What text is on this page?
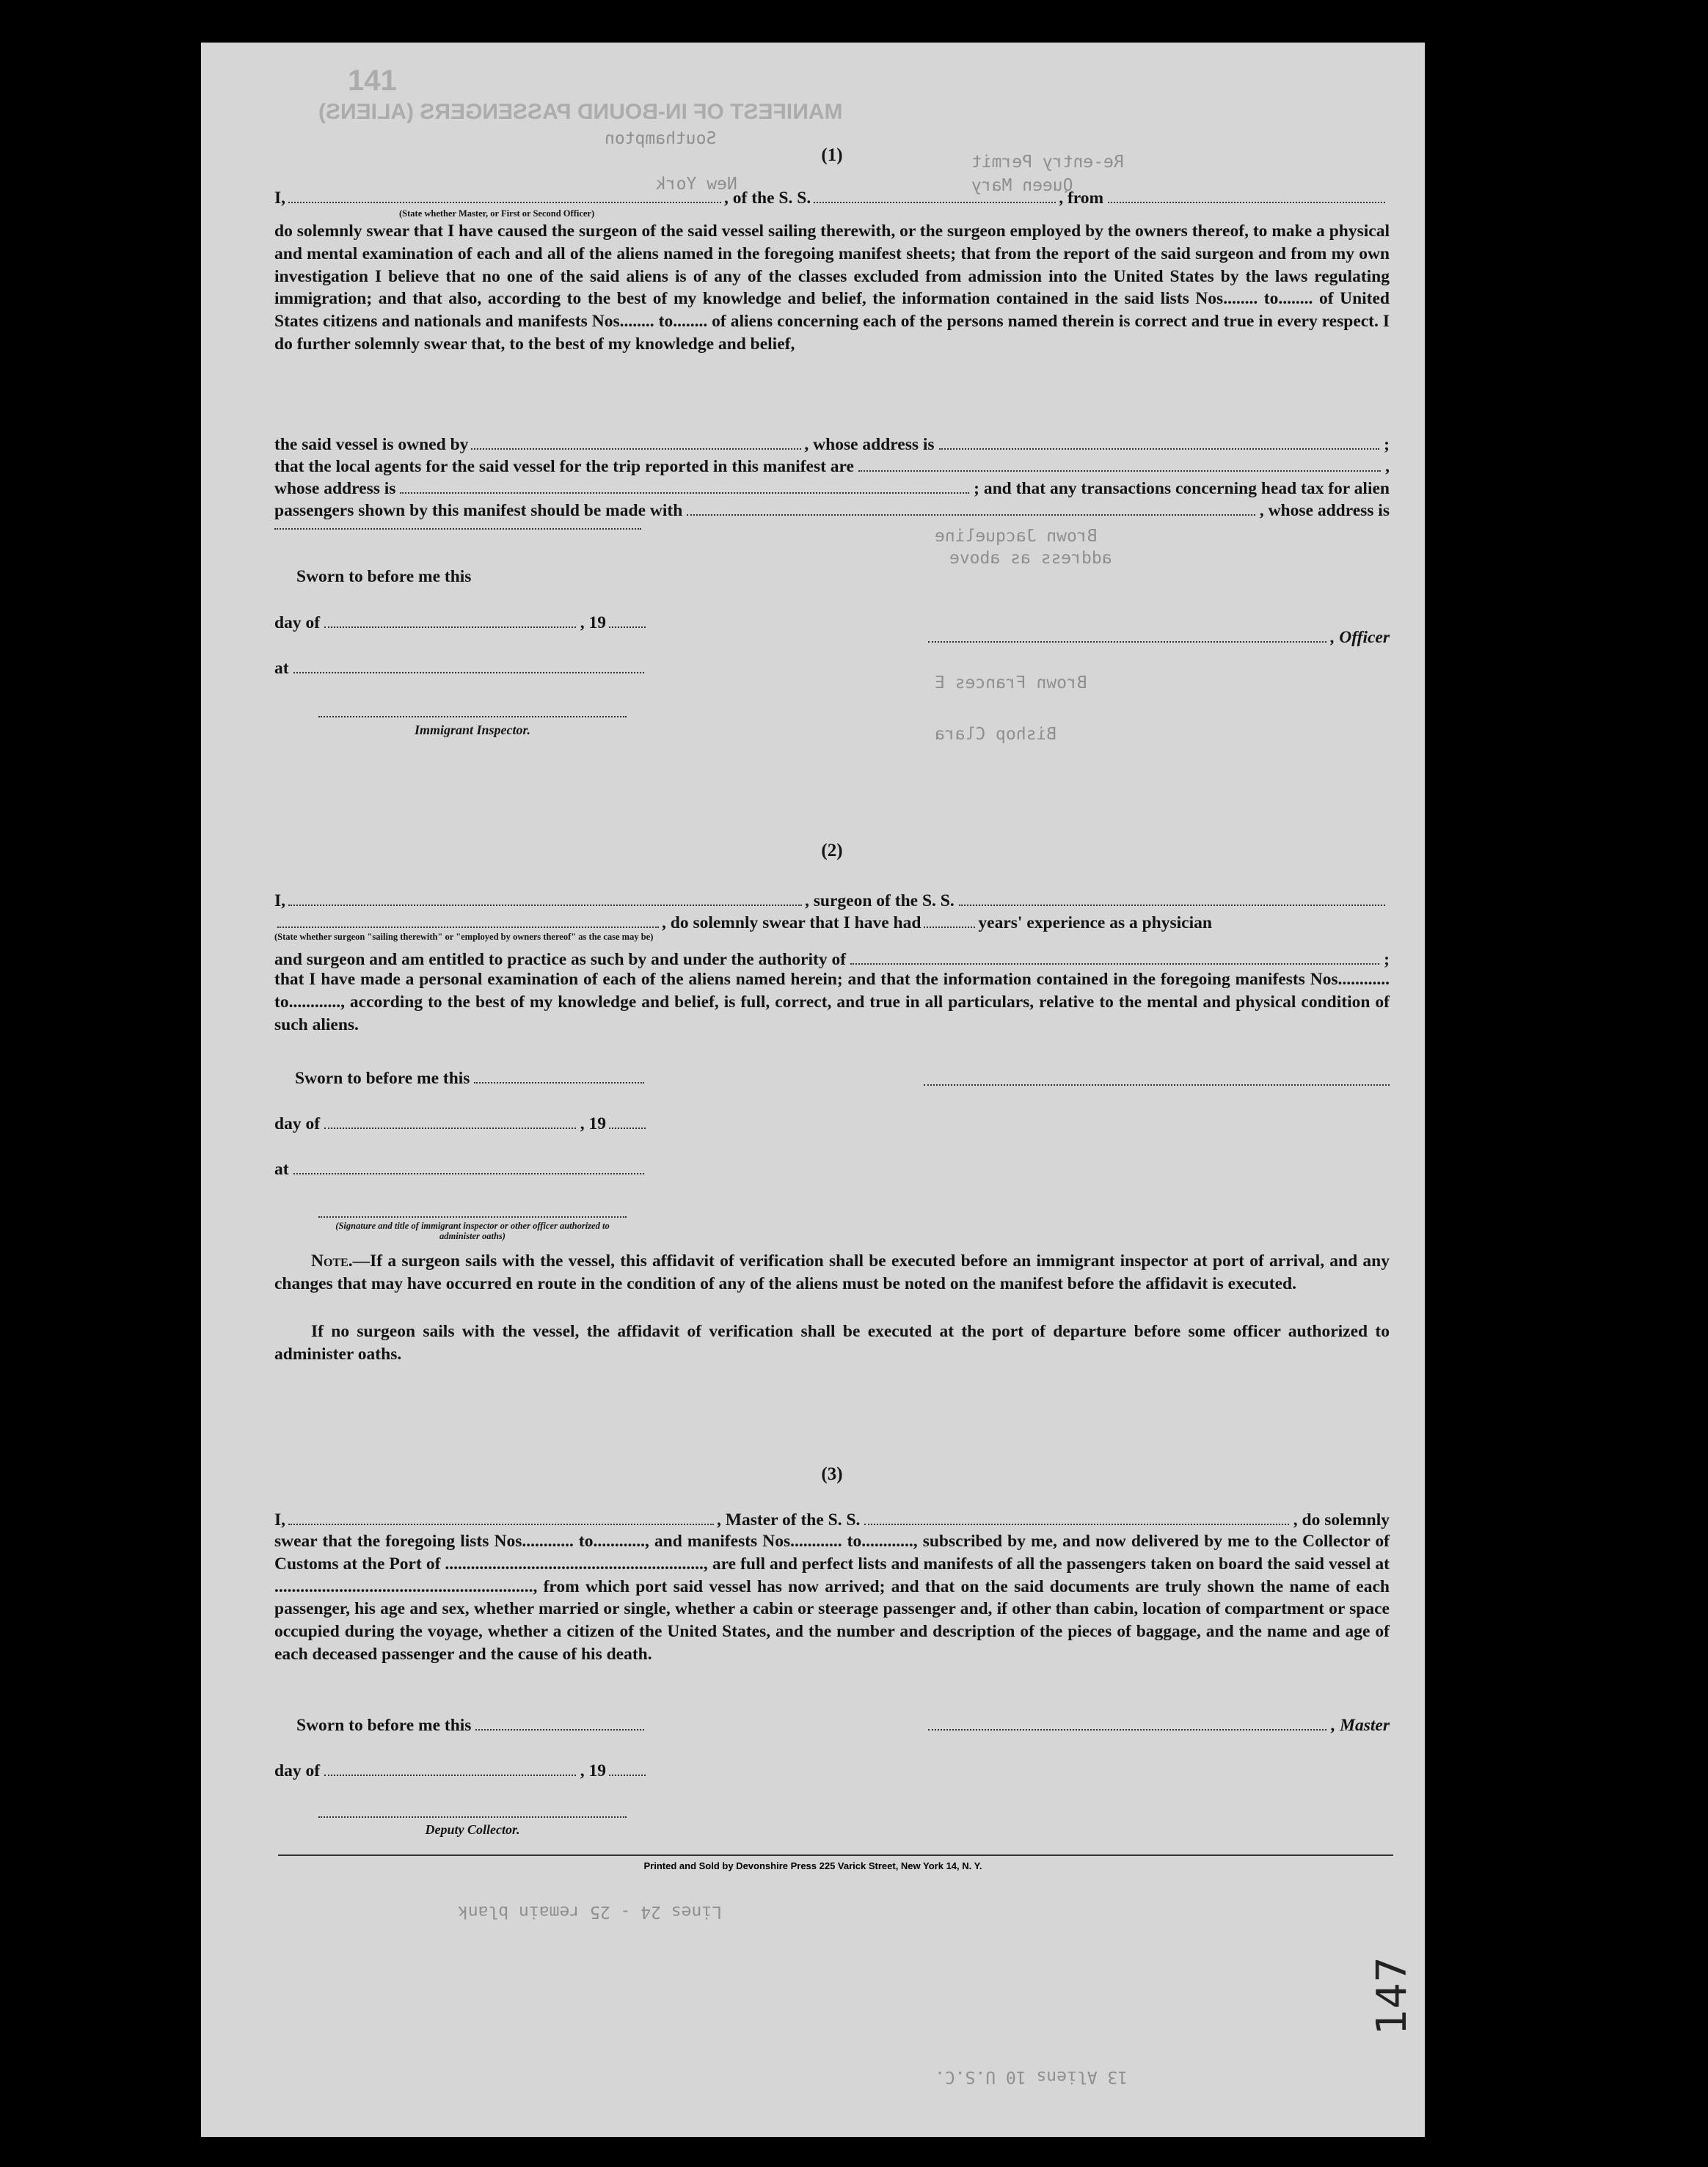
MANIFEST OF IN-BOUND PASSENGERS (ALIENS)
141
Re-entry Permit
Queen Mary
Southampton
New York
Brown Jacqueline
address as above
Brown Frances E
Bishop Clara
Lines 24 - 25 remain blank
13 Aliens 10 U.S.C.
(1)
I,	, of the S. S.	, from
(State whether Master, or First or Second Officer)

do solemnly swear that I have caused the surgeon of the said vessel sailing therewith, or the surgeon employed by the owners thereof, to make a physical and mental examination of each and all of the aliens named in the foregoing manifest sheets; that from the report of the said surgeon and from my own investigation I believe that no one of the said aliens is of any of the classes excluded from admission into the United States by the laws regulating immigration; and that also, according to the best of my knowledge and belief, the information contained in the said lists Nos........ to........ of United States citizens and nationals and manifests Nos........ to........ of aliens concerning each of the persons named therein is correct and true in every respect. I do further solemnly swear that, to the best of my knowledge and belief,

the said vessel is owned by	, whose address is	;
that the local agents for the said vessel for the trip reported in this manifest are	,
whose address is	; and that any transactions concerning head tax for alien
passengers shown by this manifest should be made with	, whose address is
Sworn to before me this
day of	, 19
, Officer
at
Immigrant Inspector.
(2)
I,	, surgeon of the S. S.
, do solemnly swear that I have had	years' experience as a physician
(State whether surgeon "sailing therewith" or "employed by owners thereof" as the case may be)
and surgeon and am entitled to practice as such by and under the authority of	;

that I have made a personal examination of each of the aliens named herein; and that the information contained in the foregoing manifests Nos............ to............, according to the best of my knowledge and belief, is full, correct, and true in all particulars, relative to the mental and physical condition of such aliens.

Sworn to before me this
day of	, 19
at
(Signature and title of immigrant inspector or other officer authorized to administer oaths)

Note.—If a surgeon sails with the vessel, this affidavit of verification shall be executed before an immigrant inspector at port of arrival, and any changes that may have occurred en route in the condition of any of the aliens must be noted on the manifest before the affidavit is executed.

If no surgeon sails with the vessel, the affidavit of verification shall be executed at the port of departure before some officer authorized to administer oaths.

(3)
I,	, Master of the S. S.	, do solemnly

swear that the foregoing lists Nos............ to............, and manifests Nos............ to............, subscribed by me, and now delivered by me to the Collector of Customs at the Port of ............................................................, are full and perfect lists and manifests of all the passengers taken on board the said vessel at ............................................................, from which port said vessel has now arrived; and that on the said documents are truly shown the name of each passenger, his age and sex, whether married or single, whether a cabin or steerage passenger and, if other than cabin, location of compartment or space occupied during the voyage, whether a citizen of the United States, and the number and description of the pieces of baggage, and the name and age of each deceased passenger and the cause of his death.

Sworn to before me this	, Master
day of	, 19
Deputy Collector.
Printed and Sold by Devonshire Press 225 Varick Street, New York 14, N. Y.
147
